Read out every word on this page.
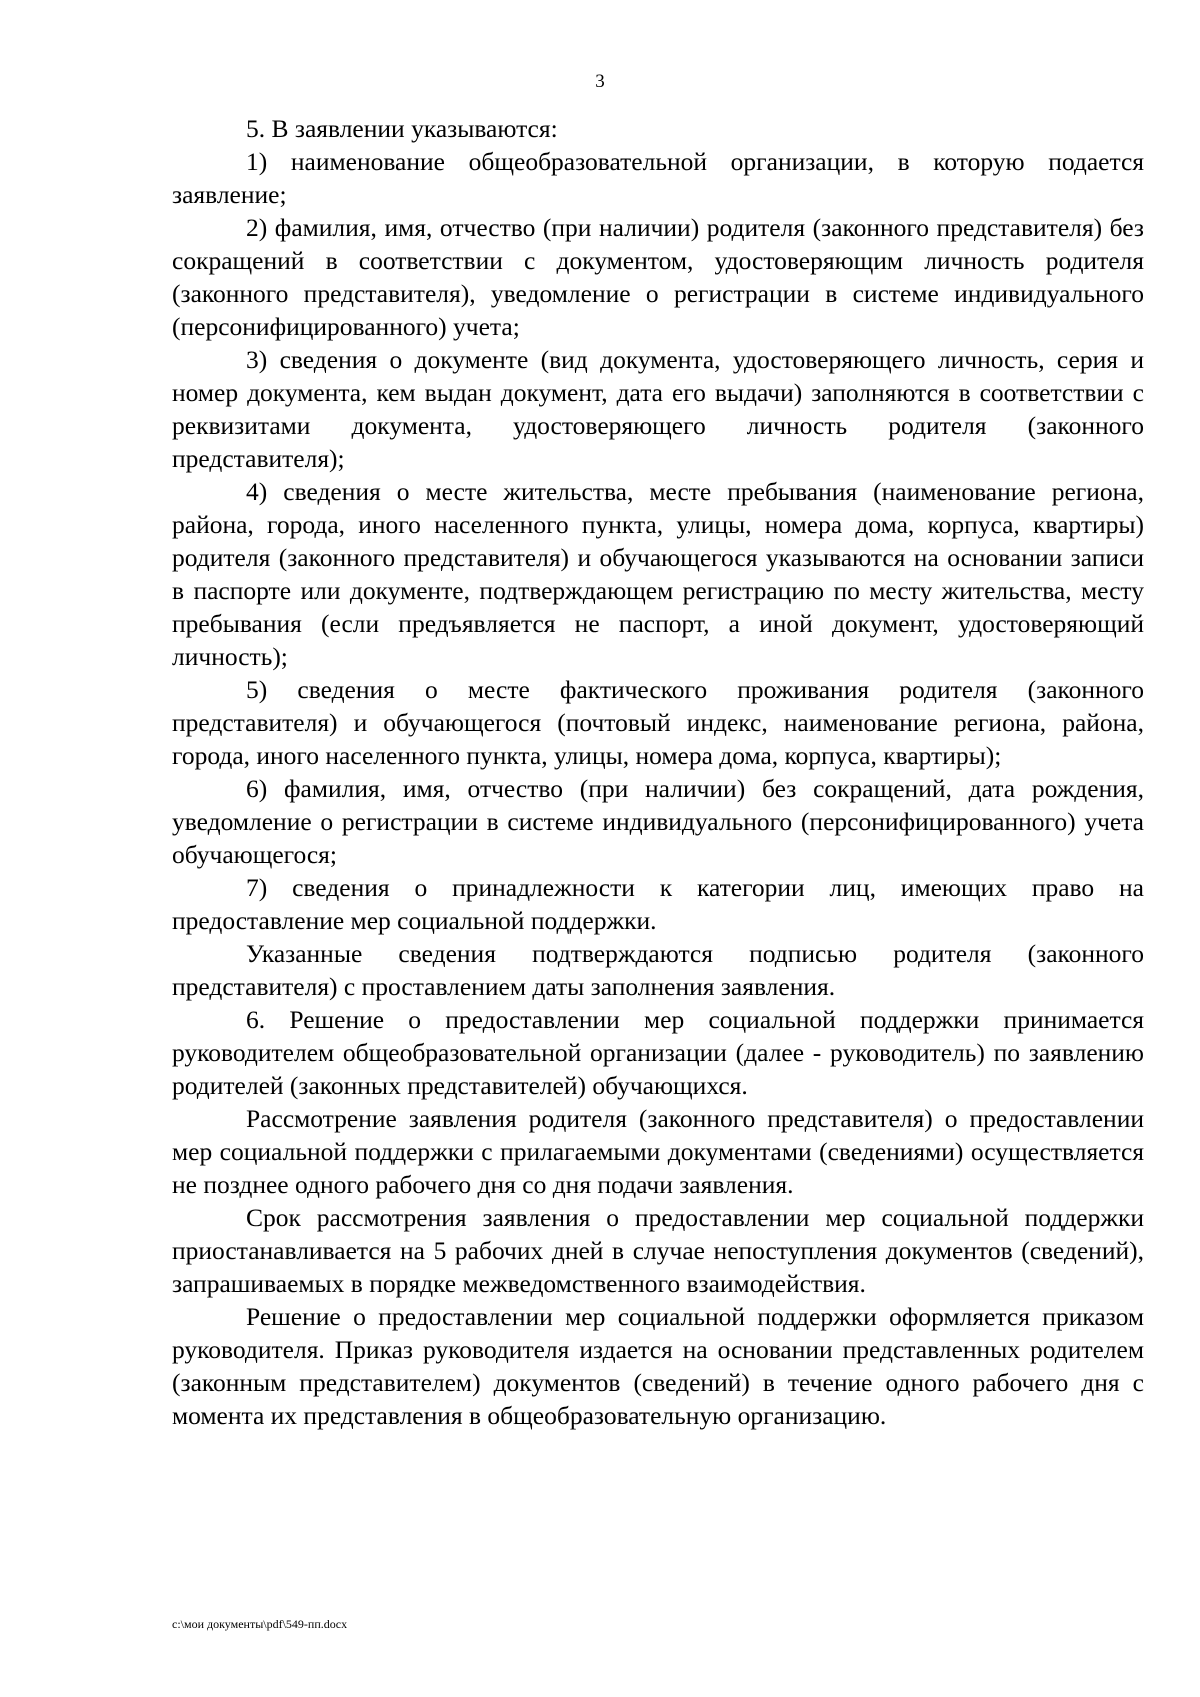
3

5. В заявлении указываются:

1) наименование общеобразовательной организации, в которую подается заявление;

2) фамилия, имя, отчество (при наличии) родителя (законного представителя) без сокращений в соответствии с документом, удостоверяющим личность родителя (законного представителя), уведомление о регистрации в системе индивидуального (персонифицированного) учета;

3) сведения о документе (вид документа, удостоверяющего личность, серия и номер документа, кем выдан документ, дата его выдачи) заполняются в соответствии с реквизитами документа, удостоверяющего личность родителя (законного представителя);

4) сведения о месте жительства, месте пребывания (наименование региона, района, города, иного населенного пункта, улицы, номера дома, корпуса, квартиры) родителя (законного представителя) и обучающегося указываются на основании записи в паспорте или документе, подтверждающем регистрацию по месту жительства, месту пребывания (если предъявляется не паспорт, а иной документ, удостоверяющий личность);

5) сведения о месте фактического проживания родителя (законного представителя) и обучающегося (почтовый индекс, наименование региона, района, города, иного населенного пункта, улицы, номера дома, корпуса, квартиры);

6) фамилия, имя, отчество (при наличии) без сокращений, дата рождения, уведомление о регистрации в системе индивидуального (персонифицированного) учета обучающегося;

7) сведения о принадлежности к категории лиц, имеющих право на предоставление мер социальной поддержки.

Указанные сведения подтверждаются подписью родителя (законного представителя) с проставлением даты заполнения заявления.

6. Решение о предоставлении мер социальной поддержки принимается руководителем общеобразовательной организации (далее - руководитель) по заявлению родителей (законных представителей) обучающихся.

Рассмотрение заявления родителя (законного представителя) о предоставлении мер социальной поддержки с прилагаемыми документами (сведениями) осуществляется не позднее одного рабочего дня со дня подачи заявления.

Срок рассмотрения заявления о предоставлении мер социальной поддержки приостанавливается на 5 рабочих дней в случае непоступления документов (сведений), запрашиваемых в порядке межведомственного взаимодействия.

Решение о предоставлении мер социальной поддержки оформляется приказом руководителя. Приказ руководителя издается на основании представленных родителем (законным представителем) документов (сведений) в течение одного рабочего дня с момента их представления в общеобразовательную организацию.

c:\мои документы\pdf\549-пп.docx
